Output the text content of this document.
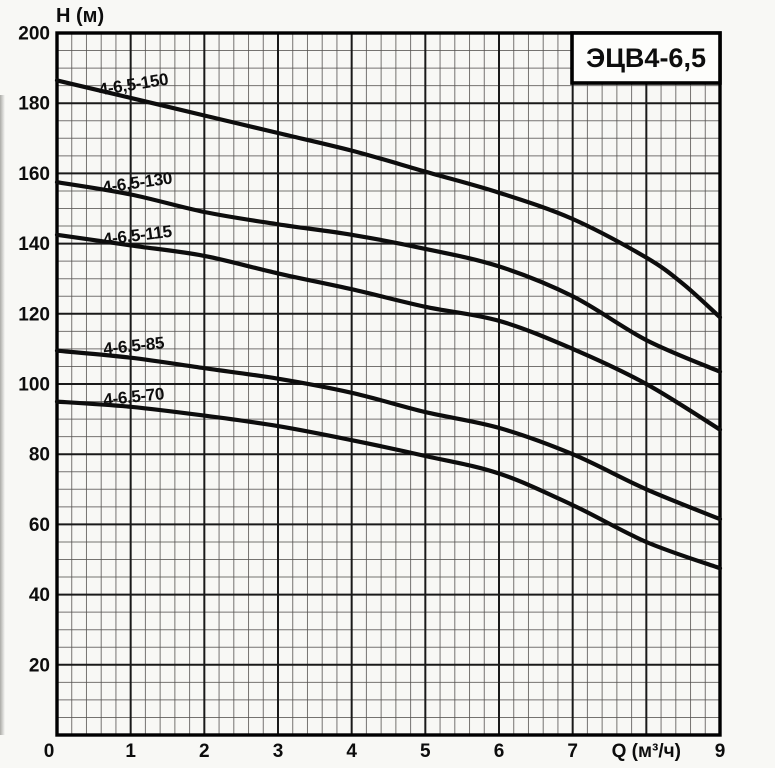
4-6,5-150
4-6,5-130
4-6,5-115
4-6,5-85
4-6,5-70
0	1	2	3	4	5	6	7 Q (м³/ч) 9
200
180
160
140
120
100
80
60
40
20
H (м)
ЭЦВ4-6,5
